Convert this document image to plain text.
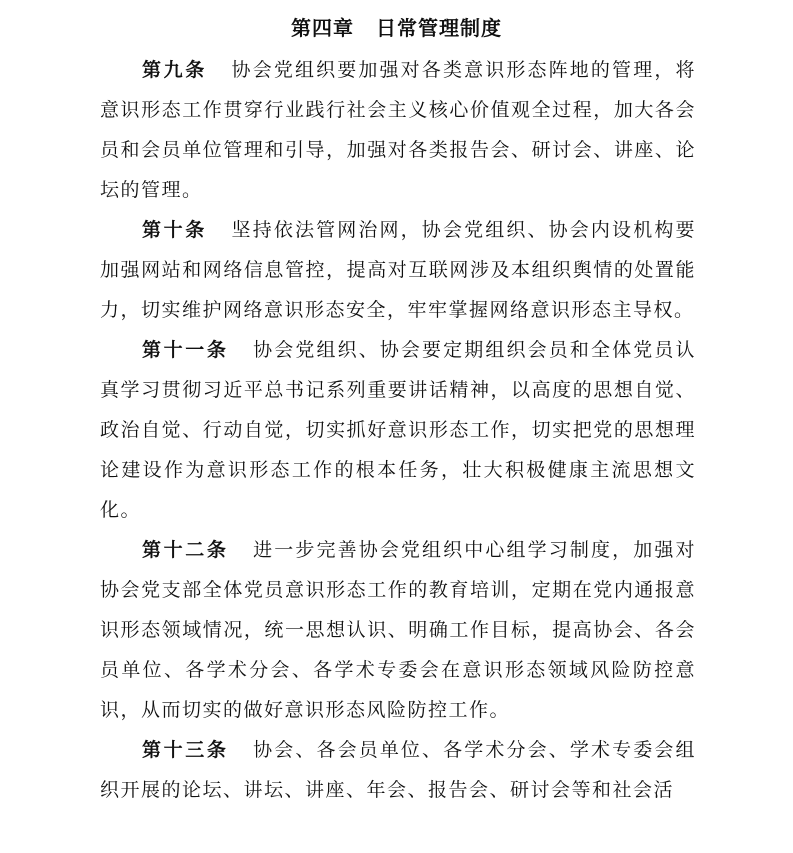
第四章 日常管理制度

第九条 协会党组织要加强对各类意识形态阵地的管理，将意识形态工作贯穿行业践行社会主义核心价值观全过程，加大各会员和会员单位管理和引导，加强对各类报告会、研讨会、讲座、论坛的管理。

第十条 坚持依法管网治网，协会党组织、协会内设机构要加强网站和网络信息管控，提高对互联网涉及本组织舆情的处置能力，切实维护网络意识形态安全，牢牢掌握网络意识形态主导权。

第十一条 协会党组织、协会要定期组织会员和全体党员认真学习贯彻习近平总书记系列重要讲话精神，以高度的思想自觉、政治自觉、行动自觉，切实抓好意识形态工作，切实把党的思想理论建设作为意识形态工作的根本任务，壮大积极健康主流思想文化。

第十二条 进一步完善协会党组织中心组学习制度，加强对协会党支部全体党员意识形态工作的教育培训，定期在党内通报意识形态领域情况，统一思想认识、明确工作目标，提高协会、各会员单位、各学术分会、各学术专委会在意识形态领域风险防控意识，从而切实的做好意识形态风险防控工作。

第十三条 协会、各会员单位、各学术分会、学术专委会组织开展的论坛、讲坛、讲座、年会、报告会、研讨会等和社会活
